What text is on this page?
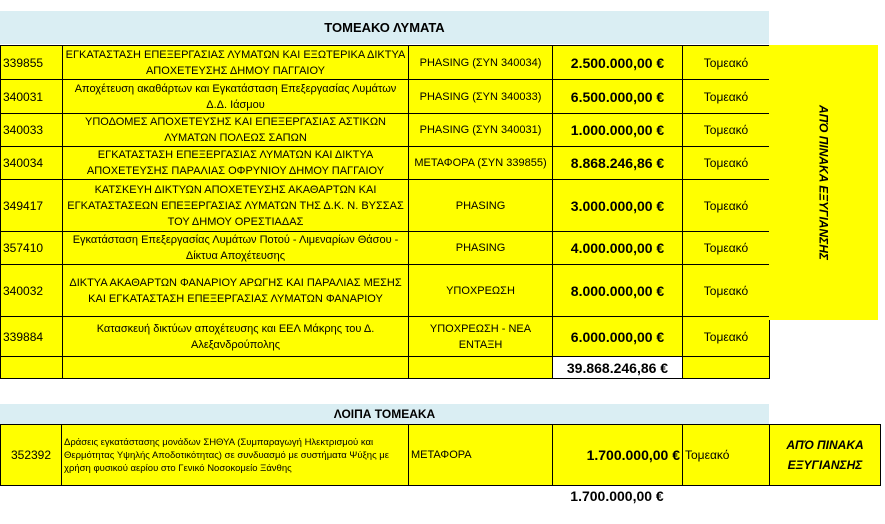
ΤΟΜΕΑΚΟ ΛΥΜΑΤΑ
339855	ΕΓΚΑΤΑΣΤΑΣΗ ΕΠΕΞΕΡΓΑΣΙΑΣ ΛΥΜΑΤΩΝ ΚΑΙ ΕΞΩΤΕΡΙΚΑ ΔΙΚΤΥΑ ΑΠΟΧΕΤΕΥΣΗΣ ΔΗΜΟΥ ΠΑΓΓΑΙΟΥ	PHASING (ΣΥΝ 340034)	2.500.000,00 €	Τομεακό
340031	Αποχέτευση ακαθάρτων και Εγκατάσταση Επεξεργασίας Λυμάτων Δ.Δ. Ιάσμου	PHASING (ΣΥΝ 340033)	6.500.000,00 €	Τομεακό
340033	ΥΠΟΔΟΜΕΣ ΑΠΟΧΕΤΕΥΣΗΣ ΚΑΙ ΕΠΕΞΕΡΓΑΣΙΑΣ ΑΣΤΙΚΩΝ ΛΥΜΑΤΩΝ ΠΟΛΕΩΣ ΣΑΠΩΝ	PHASING (ΣΥΝ 340031)	1.000.000,00 €	Τομεακό
340034	ΕΓΚΑΤΑΣΤΑΣΗ ΕΠΕΞΕΡΓΑΣΙΑΣ ΛΥΜΑΤΩΝ ΚΑΙ ΔΙΚΤΥΑ ΑΠΟΧΕΤΕΥΣΗΣ ΠΑΡΑΛΙΑΣ ΟΦΡΥΝΙΟΥ ΔΗΜΟΥ ΠΑΓΓΑΙΟΥ	ΜΕΤΑΦΟΡΑ (ΣΥΝ 339855)	8.868.246,86 €	Τομεακό
349417	ΚΑΤΣΚΕΥΗ ΔΙΚΤΥΩΝ ΑΠΟΧΕΤΕΥΣΗΣ ΑΚΑΘΑΡΤΩΝ ΚΑΙ ΕΓΚΑΤΑΣΤΑΣΕΩΝ ΕΠΕΞΕΡΓΑΣΙΑΣ ΛΥΜΑΤΩΝ ΤΗΣ Δ.Κ. Ν. ΒΥΣΣΑΣ ΤΟΥ ΔΗΜΟΥ ΟΡΕΣΤΙΑΔΑΣ	PHASING	3.000.000,00 €	Τομεακό
357410	Εγκατάσταση Επεξεργασίας Λυμάτων Ποτού - Λιμεναρίων Θάσου - Δίκτυα Αποχέτευσης	PHASING	4.000.000,00 €	Τομεακό
340032	ΔΙΚΤΥΑ ΑΚΑΘΑΡΤΩΝ ΦΑΝΑΡΙΟΥ ΑΡΩΓΗΣ ΚΑΙ ΠΑΡΑΛΙΑΣ ΜΕΣΗΣ ΚΑΙ ΕΓΚΑΤΑΣΤΑΣΗ ΕΠΕΞΕΡΓΑΣΙΑΣ ΛΥΜΑΤΩΝ ΦΑΝΑΡΙΟΥ	ΥΠΟΧΡΕΩΣΗ	8.000.000,00 €	Τομεακό
339884	Κατασκευή δικτύων αποχέτευσης και ΕΕΛ Μάκρης του Δ. Αλεξανδρούπολης	ΥΠΟΧΡΕΩΣΗ - ΝΕΑ ΕΝΤΑΞΗ	6.000.000,00 €	Τομεακό
			39.868.246,86 €	
ΑΠΌ ΠΙΝΑΚΑ ΕΞΥΓΙΑΝΣΗΣ
ΛΟΙΠΑ ΤΟΜΕΑΚΑ
352392	Δράσεις εγκατάστασης μονάδων ΣΗΘΥΑ (Συμπαραγωγή Ηλεκτρισμού και Θερμότητας Υψηλής Αποδοτικότητας) σε συνδυασμό με συστήματα Ψύξης με χρήση φυσικού αερίου στο Γενικό Νοσοκομείο Ξάνθης	ΜΕΤΑΦΟΡΑ	1.700.000,00 €	Τομεακό	ΑΠΌ ΠΙΝΑΚΑ ΕΞΥΓΙΑΝΣΗΣ
1.700.000,00 €
